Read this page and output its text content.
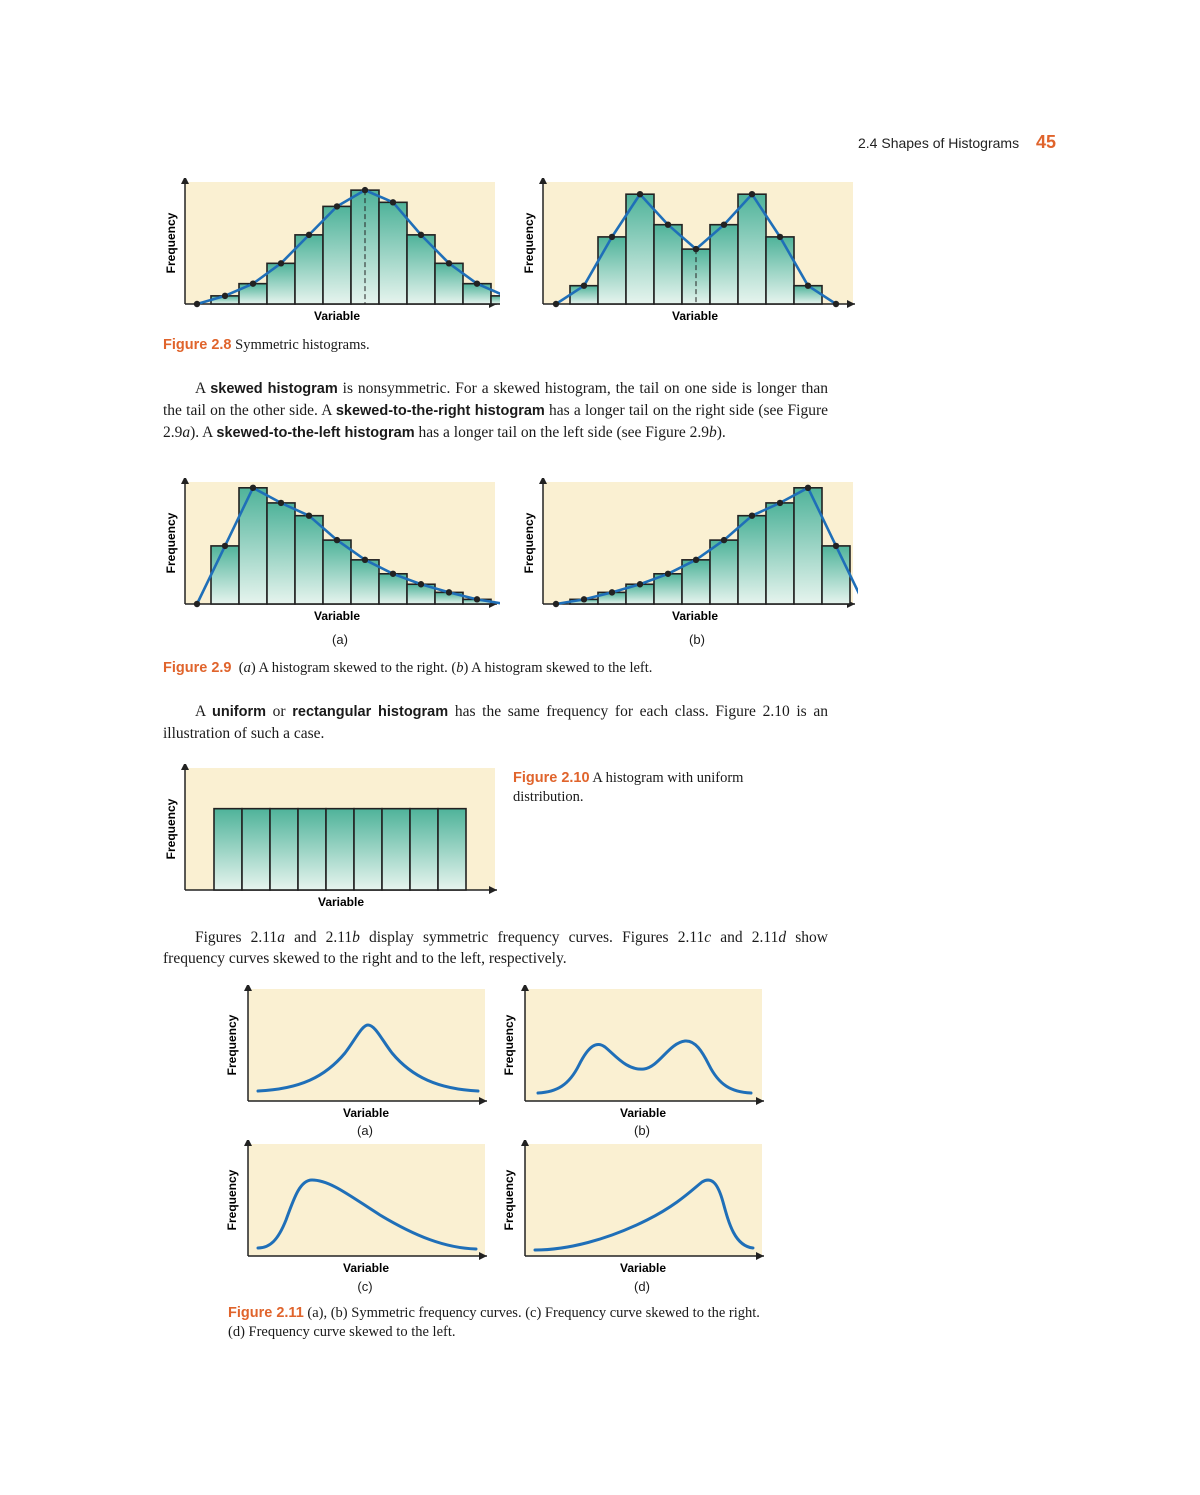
2.4 Shapes of Histograms 45
Frequency
Variable
Frequency
Variable
Figure 2.8 Symmetric histograms.
A skewed histogram is nonsymmetric. For a skewed histogram, the tail on one side is longer than the tail on the other side. A skewed-to-the-right histogram has a longer tail on the right side (see Figure 2.9a). A skewed-to-the-left histogram has a longer tail on the left side (see Figure 2.9b).
Frequency
Variable
Frequency
Variable
(a)	(b)
Figure 2.9  (a) A histogram skewed to the right. (b) A histogram skewed to the left.
A uniform or rectangular histogram has the same frequency for each class. Figure 2.10 is an illustration of such a case.
Frequency
Variable
Figure 2.10 A histogram with uniform distribution.
Figures 2.11a and 2.11b display symmetric frequency curves. Figures 2.11c and 2.11d show frequency curves skewed to the right and to the left, respectively.
Frequency
Variable
Frequency
Variable
(a)	(b)
Frequency
Variable
Frequency
Variable
(c)	(d)
Figure 2.11 (a), (b) Symmetric frequency curves. (c) Frequency curve skewed to the right. (d) Frequency curve skewed to the left.
